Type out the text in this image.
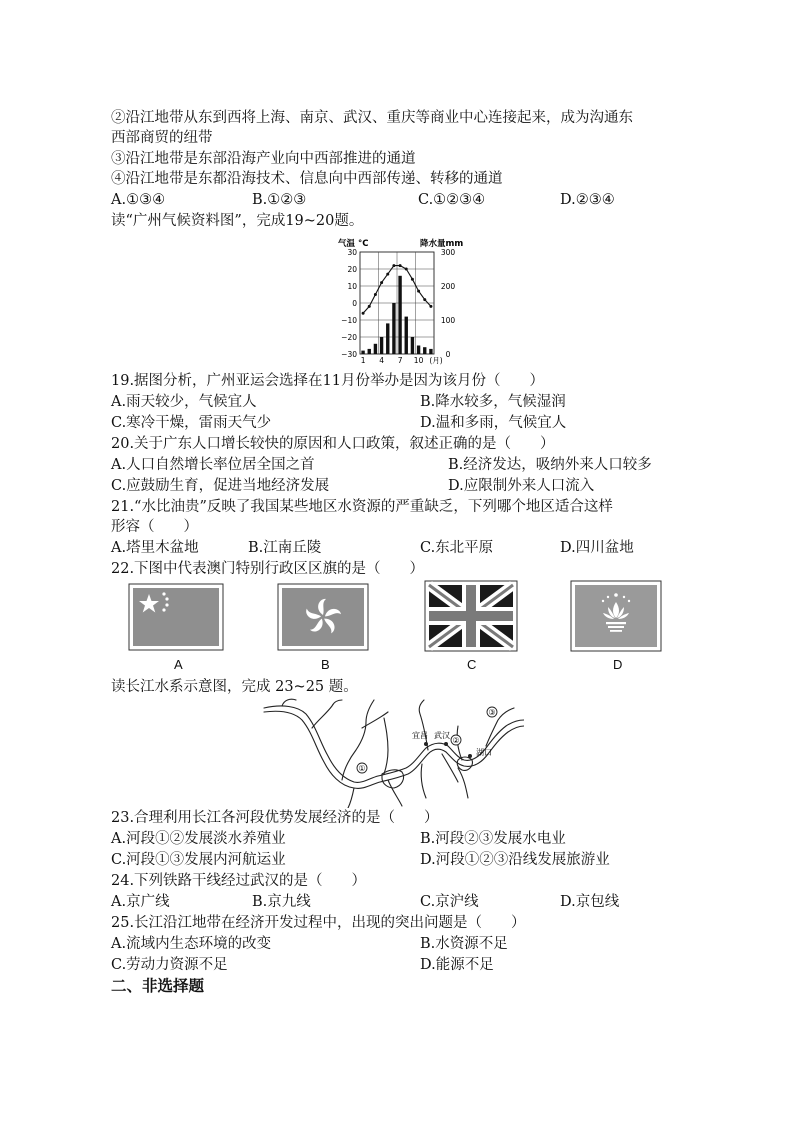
②沿江地带从东到西将上海、南京、武汉、重庆等商业中心连接起来，成为沟通东
西部商贸的纽带
③沿江地带是东部沿海产业向中西部推进的通道
④沿江地带是东都沿海技术、信息向中西部传递、转移的通道
A.①③④	B.①②③	C.①②③④	D.②③④
读“广州气候资料图”，完成19~20题。
气温 °C	降水量mm
30
20
10
0
−10
−20
−30
300
200
100
0
1 4 7 10 (月)
19.据图分析，广州亚运会选择在11月份举办是因为该月份（　　）
A.雨天较少，气候宜人	B.降水较多，气候湿润
C.寒冷干燥，雷雨天气少	D.温和多雨，气候宜人
20.关于广东人口增长较快的原因和人口政策，叙述正确的是（　　）
A.人口自然增长率位居全国之首	B.经济发达，吸纳外来人口较多
C.应鼓励生育，促进当地经济发展	D.应限制外来人口流入
21.“水比油贵”反映了我国某些地区水资源的严重缺乏，下列哪个地区适合这样
形容（　　）
A.塔里木盆地	B.江南丘陵	C.东北平原	D.四川盆地
22.下图中代表澳门特别行政区区旗的是（　　）
A	B	C	D
读长江水系示意图，完成 23~25 题。
①
②
③
宜昌 武汉
湖口
23.合理利用长江各河段优势发展经济的是（　　）
A.河段①②发展淡水养殖业	B.河段②③发展水电业
C.河段①③发展内河航运业	D.河段①②③沿线发展旅游业
24.下列铁路干线经过武汉的是（　　）
A.京广线	B.京九线	C.京沪线	D.京包线
25.长江沿江地带在经济开发过程中，出现的突出问题是（　　）
A.流域内生态环境的改变	B.水资源不足
C.劳动力资源不足	D.能源不足
二、非选择题
